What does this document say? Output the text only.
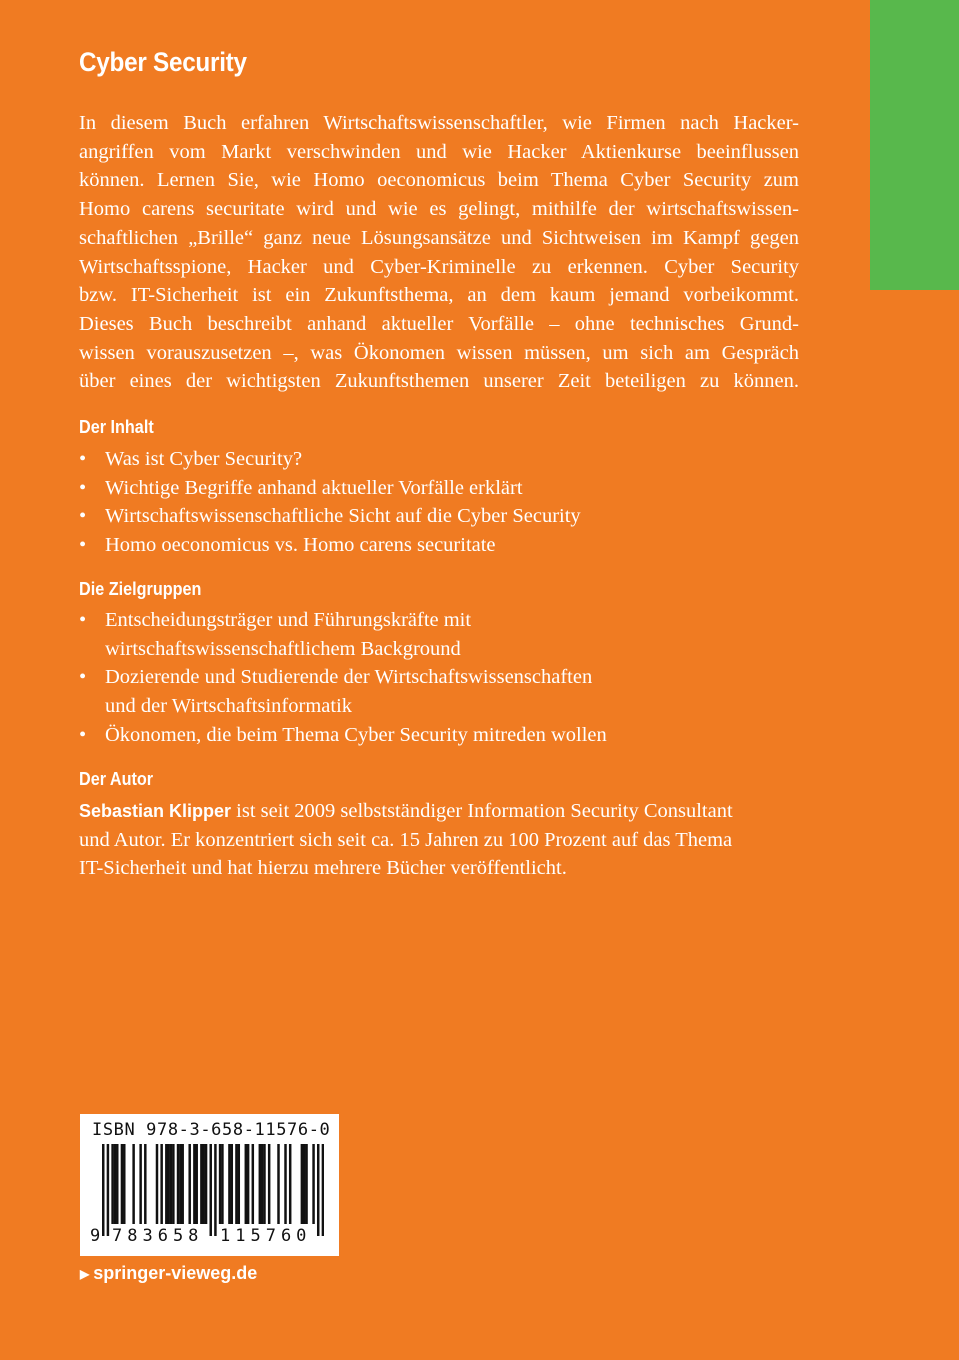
Cyber Security
In diesem Buch erfahren Wirtschaftswissenschaftler, wie Firmen nach Hacker-
angriffen vom Markt verschwinden und wie Hacker Aktienkurse beeinflussen
können. Lernen Sie, wie Homo oeconomicus beim Thema Cyber Security zum
Homo carens securitate wird und wie es gelingt, mithilfe der wirtschaftswissen-
schaftlichen „Brille“ ganz neue Lösungsansätze und Sichtweisen im Kampf gegen
Wirtschaftsspione, Hacker und Cyber-Kriminelle zu erkennen. Cyber Security
bzw. IT-Sicherheit ist ein Zukunftsthema, an dem kaum jemand vorbeikommt.
Dieses Buch beschreibt anhand aktueller Vorfälle – ohne technisches Grund-
wissen vorauszusetzen –, was Ökonomen wissen müssen, um sich am Gespräch
über eines der wichtigsten Zukunftsthemen unserer Zeit beteiligen zu können.
Der Inhalt
• Was ist Cyber Security?
• Wichtige Begriffe anhand aktueller Vorfälle erklärt
• Wirtschaftswissenschaftliche Sicht auf die Cyber Security
• Homo oeconomicus vs. Homo carens securitate
Die Zielgruppen
• Entscheidungsträger und Führungskräfte mit
wirtschaftswissenschaftlichem Background
• Dozierende und Studierende der Wirtschaftswissenschaften
und der Wirtschaftsinformatik
• Ökonomen, die beim Thema Cyber Security mitreden wollen
Der Autor
Sebastian Klipper ist seit 2009 selbstständiger Information Security Consultant
und Autor. Er konzentriert sich seit ca. 15 Jahren zu 100 Prozent auf das Thema
IT-Sicherheit und hat hierzu mehrere Bücher veröffentlicht.
ISBN 978-3-658-11576-0
9 783658 115760
▶ springer-vieweg.de
